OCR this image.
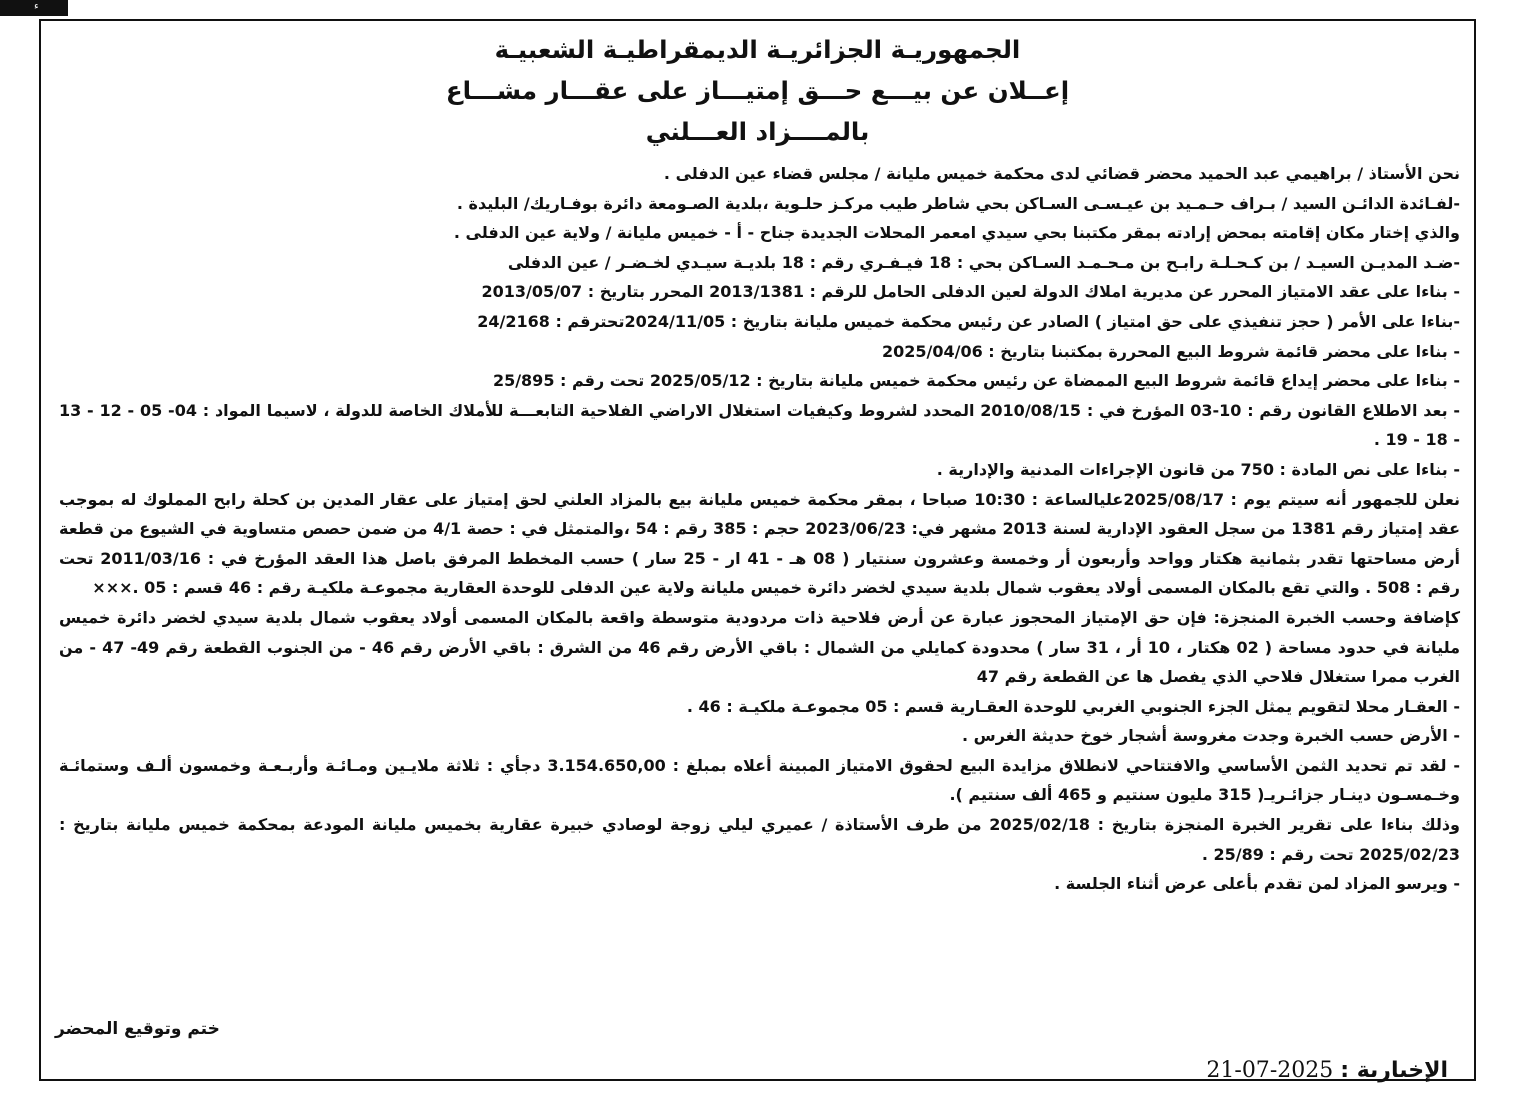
ء
الجمهوريـة الجزائريـة الديمقراطيـة الشعبيـة
إعــلان عن بيـــع حـــق إمتيـــاز على عقـــار مشـــاع
بالمــــزاد العـــلني

نحن الأستاذ / براهيمي عبد الحميد محضر قضائي لدى محكمة خميس مليانة / مجلس قضاء عين الدفلى .

-لفـائدة الدائـن السيد / بـراف حـمـيد بن عيـسـى السـاكن بحي شاطر طيب مركـز حلـوية ،بلدية الصـومعة دائرة بوفـاريك/ البليدة .

والذي إختار مكان إقامته بمحض إرادته بمقر مكتبنا بحي سيدي امعمر المحلات الجديدة جناح - أ - خميس مليانة / ولاية عين الدفلى .

-ضـد المديـن السيـد / بن كـحـلـة رابـح بن مـحـمـد السـاكن بحي : 18 فيـفـري رقم : 18 بلديـة سيـدي لخـضـر / عين الدفلى

- بناءا على عقد الامتياز المحرر عن مديرية املاك الدولة لعين الدفلى الحامل للرقم : 2013/1381 المحرر بتاريخ : 2013/05/07

-بناءا على الأمر ( حجز تنفيذي على حق امتياز ) الصادر عن رئيس محكمة خميس مليانة بتاريخ : 2024/11/05تحترقم : 24/2168

- بناءا على محضر قائمة شروط البيع المحررة بمكتبنا بتاريخ : 2025/04/06

- بناءا على محضر إيداع قائمة شروط البيع الممضاة عن رئيس محكمة خميس مليانة بتاريخ : 2025/05/12 تحت رقم : 25/895

- بعد الاطلاع القانون رقم : 10-03 المؤرخ في : 2010/08/15 المحدد لشروط وكيفيات استغلال الاراضي الفلاحية التابعـــة للأملاك الخاصة للدولة ، لاسيما المواد : 04- 05 - 12 - 13 - 18 - 19 .

- بناءا على نص المادة : 750 من قانون الإجراءات المدنية والإدارية .

نعلن للجمهور أنه سيتم يوم : 2025/08/17عليالساعة : 10:30 صباحا ، بمقر محكمة خميس مليانة بيع بالمزاد العلني لحق إمتياز على عقار المدين بن كحلة رابح المملوك له بموجب عقد إمتياز رقم 1381 من سجل العقود الإدارية لسنة 2013 مشهر في: 2023/06/23 حجم : 385 رقم : 54 ،والمتمثل في : حصة 4/1 من ضمن حصص متساوية في الشيوع من قطعة أرض مساحتها تقدر بثمانية هكتار وواحد وأربعون أر وخمسة وعشرون سنتيار ( 08 هـ - 41 ار - 25 سار ) حسب المخطط المرفق باصل هذا العقد المؤرخ في : 2011/03/16 تحت رقم : 508 . والتي تقع بالمكان المسمى أولاد يعقوب شمال بلدية سيدي لخضر دائرة خميس مليانة ولاية عين الدفلى للوحدة العقارية مجموعـة ملكيـة رقم : 46 قسم : 05 .×××

كإضافة وحسب الخبرة المنجزة: فإن حق الإمتياز المحجوز عبارة عن أرض فلاحية ذات مردودية متوسطة واقعة بالمكان المسمى أولاد يعقوب شمال بلدية سيدي لخضر دائرة خميس مليانة في حدود مساحة ( 02 هكتار ، 10 أر ، 31 سار ) محدودة كمايلي من الشمال : باقي الأرض رقم 46 من الشرق : باقي الأرض رقم 46 - من الجنوب القطعة رقم 49- 47 - من الغرب ممرا ستغلال فلاحي الذي يفصل ها عن القطعة رقم 47

- العقـار محلا لتقويم يمثل الجزء الجنوبي الغربي للوحدة العقـارية قسم : 05 مجموعـة ملكيـة : 46 .

- الأرض حسب الخبرة وجدت مغروسة أشجار خوخ حديثة الغرس .

- لقد تم تحديد الثمن الأساسي والافتتاحي لانطلاق مزايدة البيع لحقوق الامتياز المبينة أعلاه بمبلغ : 3.154.650,00 دجأي : ثلاثة ملايـين ومـائـة وأربـعـة وخمسون ألـف وستمائـة وخـمسـون دينـار جزائـريـ( 315 مليون سنتيم و 465 ألف سنتيم ).

وذلك بناءا على تقرير الخبرة المنجزة بتاريخ : 2025/02/18 من طرف الأستاذة / عميري ليلي زوجة لوصادي خبيرة عقارية بخميس مليانة المودعة بمحكمة خميس مليانة بتاريخ : 2025/02/23 تحت رقم : 25/89 .

- ويرسو المزاد لمن تقدم بأعلى عرض أثناء الجلسة .

ختم وتوقيع المحضر
الإخبارية : 2025-07-21
